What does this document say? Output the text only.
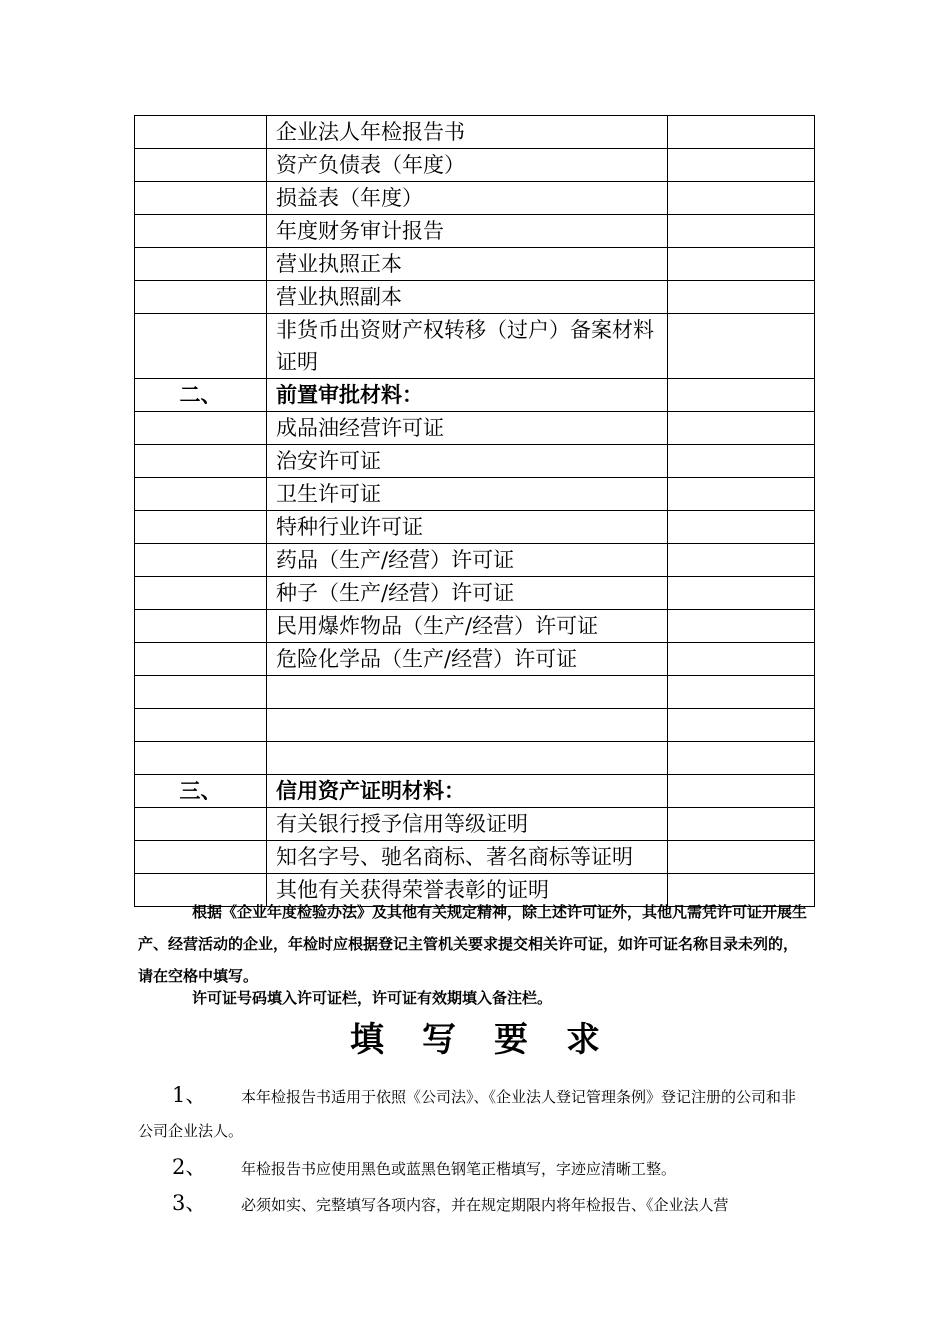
	企业法人年检报告书	
	资产负债表（年度）	
	损益表（年度）	
	年度财务审计报告	
	营业执照正本	
	营业执照副本	
	非货币出资财产权转移（过户）备案材料证明	
二、	前置审批材料：	
	成品油经营许可证	
	治安许可证	
	卫生许可证	
	特种行业许可证	
	药品（生产/经营）许可证	
	种子（生产/经营）许可证	
	民用爆炸物品（生产/经营）许可证	
	危险化学品（生产/经营）许可证	

三、	信用资产证明材料：	
	有关银行授予信用等级证明	
	知名字号、驰名商标、著名商标等证明	
	其他有关获得荣誉表彰的证明	
根据《企业年度检验办法》及其他有关规定精神，除上述许可证外，其他凡需凭许可证开展生产、经营活动的企业，年检时应根据登记主管机关要求提交相关许可证，如许可证名称目录未列的，请在空格中填写。
许可证号码填入许可证栏，许可证有效期填入备注栏。
填写要求
1、 本年检报告书适用于依照《公司法》、《企业法人登记管理条例》登记注册的公司和非公司企业法人。
2、 年检报告书应使用黑色或蓝黑色钢笔正楷填写，字迹应清晰工整。
3、 必须如实、完整填写各项内容，并在规定期限内将年检报告、《企业法人营
